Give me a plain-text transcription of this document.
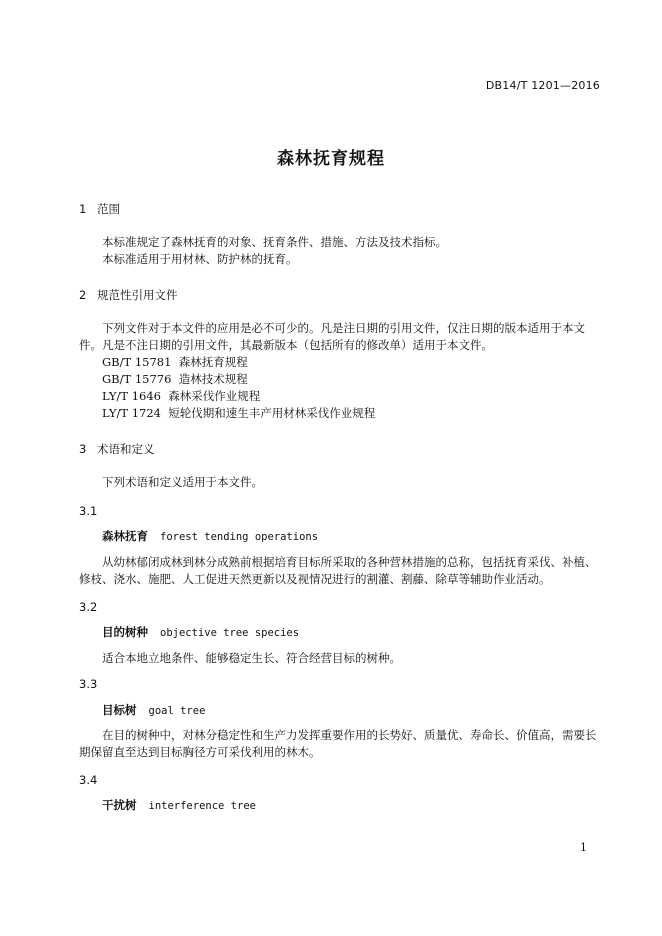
DB14/T 1201—2016
森林抚育规程
1 范围
本标准规定了森林抚育的对象、抚育条件、措施、方法及技术指标。
本标准适用于用材林、防护林的抚育。
2 规范性引用文件
下列文件对于本文件的应用是必不可少的。凡是注日期的引用文件，仅注日期的版本适用于本文件。凡是不注日期的引用文件，其最新版本（包括所有的修改单）适用于本文件。
GB/T 15781 森林抚育规程
GB/T 15776 造林技术规程
LY/T 1646 森林采伐作业规程
LY/T 1724 短轮伐期和速生丰产用材林采伐作业规程
3 术语和定义
下列术语和定义适用于本文件。
3.1
森林抚育 forest tending operations
从幼林郁闭成林到林分成熟前根据培育目标所采取的各种营林措施的总称，包括抚育采伐、补植、修枝、浇水、施肥、人工促进天然更新以及视情况进行的割灌、割藤、除草等辅助作业活动。
3.2
目的树种 objective tree species
适合本地立地条件、能够稳定生长、符合经营目标的树种。
3.3
目标树 goal tree
在目的树种中，对林分稳定性和生产力发挥重要作用的长势好、质量优、寿命长、价值高，需要长期保留直至达到目标胸径方可采伐利用的林木。
3.4
干扰树 interference tree
1
